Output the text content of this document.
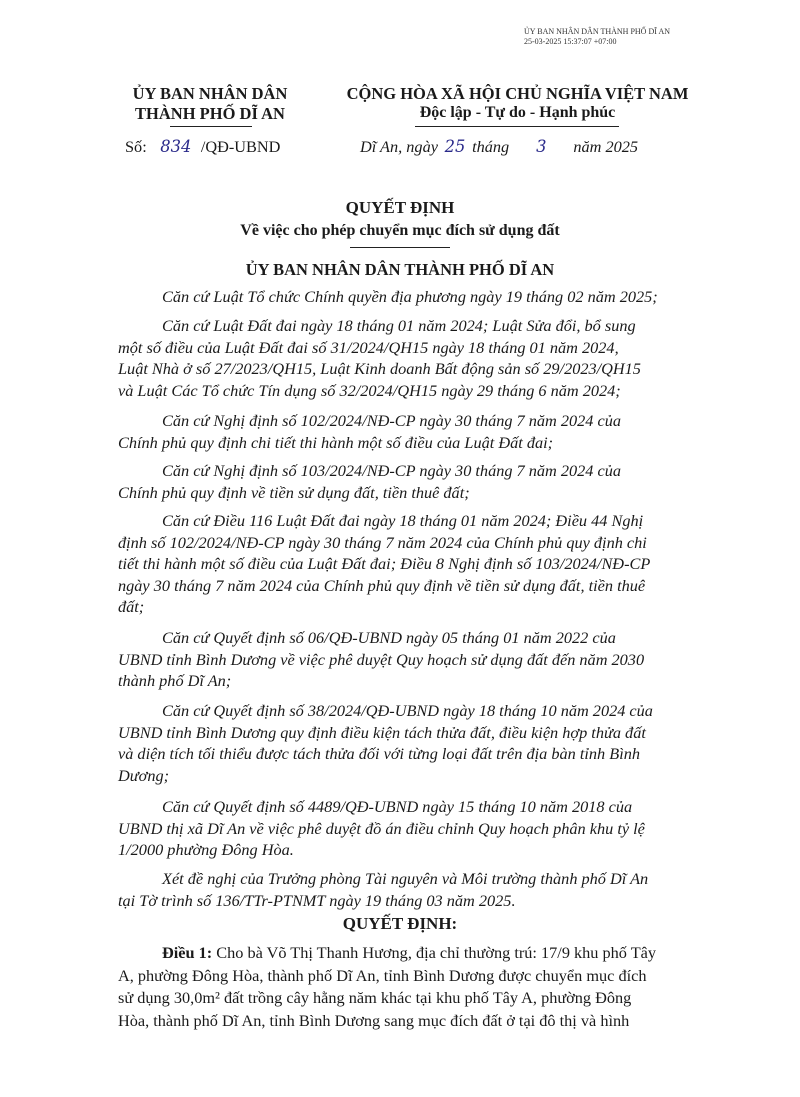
ỦY BAN NHÂN DÂN THÀNH PHỐ DĨ AN
25-03-2025 15:37:07 +07:00
ỦY BAN NHÂN DÂN
THÀNH PHỐ DĨ AN
Số: 834 /QĐ-UBND
CỘNG HÒA XÃ HỘI CHỦ NGHĨA VIỆT NAM
Độc lập - Tự do - Hạnh phúc
Dĩ An, ngày 25 tháng 3 năm 2025
QUYẾT ĐỊNH
Về việc cho phép chuyển mục đích sử dụng đất
ỦY BAN NHÂN DÂN THÀNH PHỐ DĨ AN
Căn cứ Luật Tổ chức Chính quyền địa phương ngày 19 tháng 02 năm 2025;
Căn cứ Luật Đất đai ngày 18 tháng 01 năm 2024; Luật Sửa đổi, bổ sung
một số điều của Luật Đất đai số 31/2024/QH15 ngày 18 tháng 01 năm 2024,
Luật Nhà ở số 27/2023/QH15, Luật Kinh doanh Bất động sản số 29/2023/QH15
và Luật Các Tổ chức Tín dụng số 32/2024/QH15 ngày 29 tháng 6 năm 2024;
Căn cứ Nghị định số 102/2024/NĐ-CP ngày 30 tháng 7 năm 2024 của
Chính phủ quy định chi tiết thi hành một số điều của Luật Đất đai;
Căn cứ Nghị định số 103/2024/NĐ-CP ngày 30 tháng 7 năm 2024 của
Chính phủ quy định về tiền sử dụng đất, tiền thuê đất;
Căn cứ Điều 116 Luật Đất đai ngày 18 tháng 01 năm 2024; Điều 44 Nghị
định số 102/2024/NĐ-CP ngày 30 tháng 7 năm 2024 của Chính phủ quy định chi
tiết thi hành một số điều của Luật Đất đai; Điều 8 Nghị định số 103/2024/NĐ-CP
ngày 30 tháng 7 năm 2024 của Chính phủ quy định về tiền sử dụng đất, tiền thuê
đất;
Căn cứ Quyết định số 06/QĐ-UBND ngày 05 tháng 01 năm 2022 của
UBND tỉnh Bình Dương về việc phê duyệt Quy hoạch sử dụng đất đến năm 2030
thành phố Dĩ An;
Căn cứ Quyết định số 38/2024/QĐ-UBND ngày 18 tháng 10 năm 2024 của
UBND tỉnh Bình Dương quy định điều kiện tách thửa đất, điều kiện hợp thửa đất
và diện tích tối thiểu được tách thửa đối với từng loại đất trên địa bàn tỉnh Bình
Dương;
Căn cứ Quyết định số 4489/QĐ-UBND ngày 15 tháng 10 năm 2018 của
UBND thị xã Dĩ An về việc phê duyệt đồ án điều chỉnh Quy hoạch phân khu tỷ lệ
1/2000 phường Đông Hòa.
Xét đề nghị của Trưởng phòng Tài nguyên và Môi trường thành phố Dĩ An
tại Tờ trình số 136/TTr-PTNMT ngày 19 tháng 03 năm 2025.
QUYẾT ĐỊNH:
Điều 1: Cho bà Võ Thị Thanh Hương, địa chỉ thường trú: 17/9 khu phố Tây
A, phường Đông Hòa, thành phố Dĩ An, tỉnh Bình Dương được chuyển mục đích
sử dụng 30,0m² đất trồng cây hằng năm khác tại khu phố Tây A, phường Đông
Hòa, thành phố Dĩ An, tỉnh Bình Dương sang mục đích đất ở tại đô thị và hình
